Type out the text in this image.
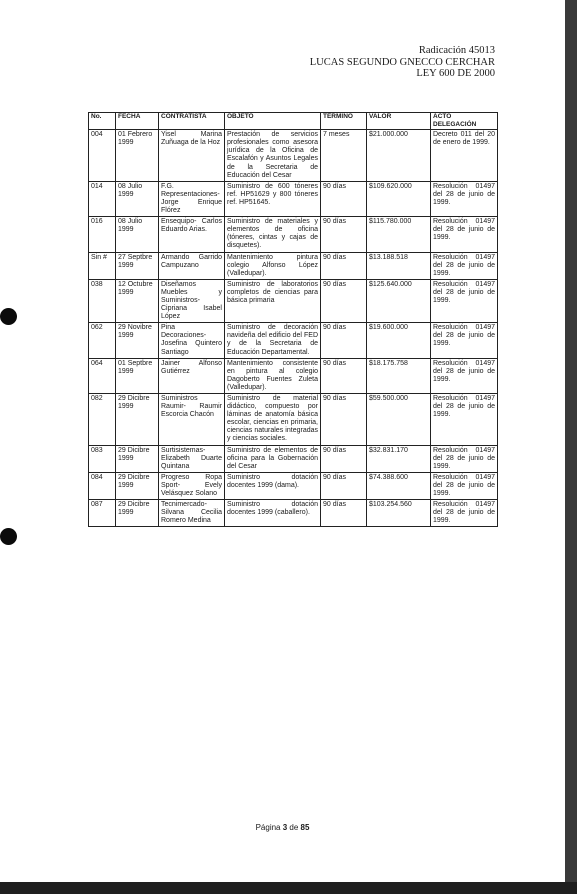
Radicación 45013
LUCAS SEGUNDO GNECCO CERCHAR
LEY 600 DE 2000
No.	FECHA	CONTRATISTA	OBJETO	TÉRMINO	VALOR	ACTO DELEGACIÓN
004	01 Febrero 1999	Yisel Marina Zuñuaga de la Hoz	Prestación de servicios profesionales como asesora jurídica de la Oficina de Escalafón y Asuntos Legales de la Secretaria de Educación del Cesar	7 meses	$21.000.000	Decreto 011 del 20 de enero de 1999.
014	08 Julio 1999	F.G. Representaciones- Jorge Enrique Flórez	Suministro de 600 tóneres ref. HP51629 y 800 tóneres ref. HP51645.	90 días	$109.620.000	Resolución 01497 del 28 de junio de 1999.
016	08 Julio 1999	Ensequipo- Carlos Eduardo Arias.	Suministro de materiales y elementos de oficina (tóneres, cintas y cajas de disquetes).	90 días	$115.780.000	Resolución 01497 del 28 de junio de 1999.
Sin #	27 Septbre 1999	Armando Garrido Campuzano	Mantenimiento pintura colegio Alfonso López (Valledupar).	90 días	$13.188.518	Resolución 01497 del 28 de junio de 1999.
038	12 Octubre 1999	Diseñamos Muebles y Suministros- Cipriana Isabel López	Suministro de laboratorios completos de ciencias para básica primaria	90 días	$125.640.000	Resolución 01497 del 28 de junio de 1999.
062	29 Novibre 1999	Pina Decoraciones- Josefina Quintero Santiago	Suministro de decoración navideña del edificio del FED y de la Secretaria de Educación Departamental.	90 días	$19.600.000	Resolución 01497 del 28 de junio de 1999.
064	01 Septbre 1999	Jainer Alfonso Gutiérrez	Mantenimiento consistente en pintura al colegio Dagoberto Fuentes Zuleta (Valledupar).	90 días	$18.175.758	Resolución 01497 del 28 de junio de 1999.
082	29 Dicibre 1999	Suministros Raumir- Raumir Escorcia Chacón	Suministro de material didáctico, compuesto por láminas de anatomía básica escolar, ciencias en primaria, ciencias naturales integradas y ciencias sociales.	90 días	$59.500.000	Resolución 01497 del 28 de junio de 1999.
083	29 Dicibre 1999	Surtisistemas- Elizabeth Duarte Quintana	Suministro de elementos de oficina para la Gobernación del Cesar	90 días	$32.831.170	Resolución 01497 del 28 de junio de 1999.
084	29 Dicibre 1999	Progreso Ropa Sport- Evely Velásquez Solano	Suministro dotación docentes 1999 (dama).	90 días	$74.388.600	Resolución 01497 del 28 de junio de 1999.
087	29 Dicibre 1999	Tecnimercado- Silvana Cecilia Romero Medina	Suministro dotación docentes 1999 (caballero).	90 días	$103.254.560	Resolución 01497 del 28 de junio de 1999.
Página 3 de 85
